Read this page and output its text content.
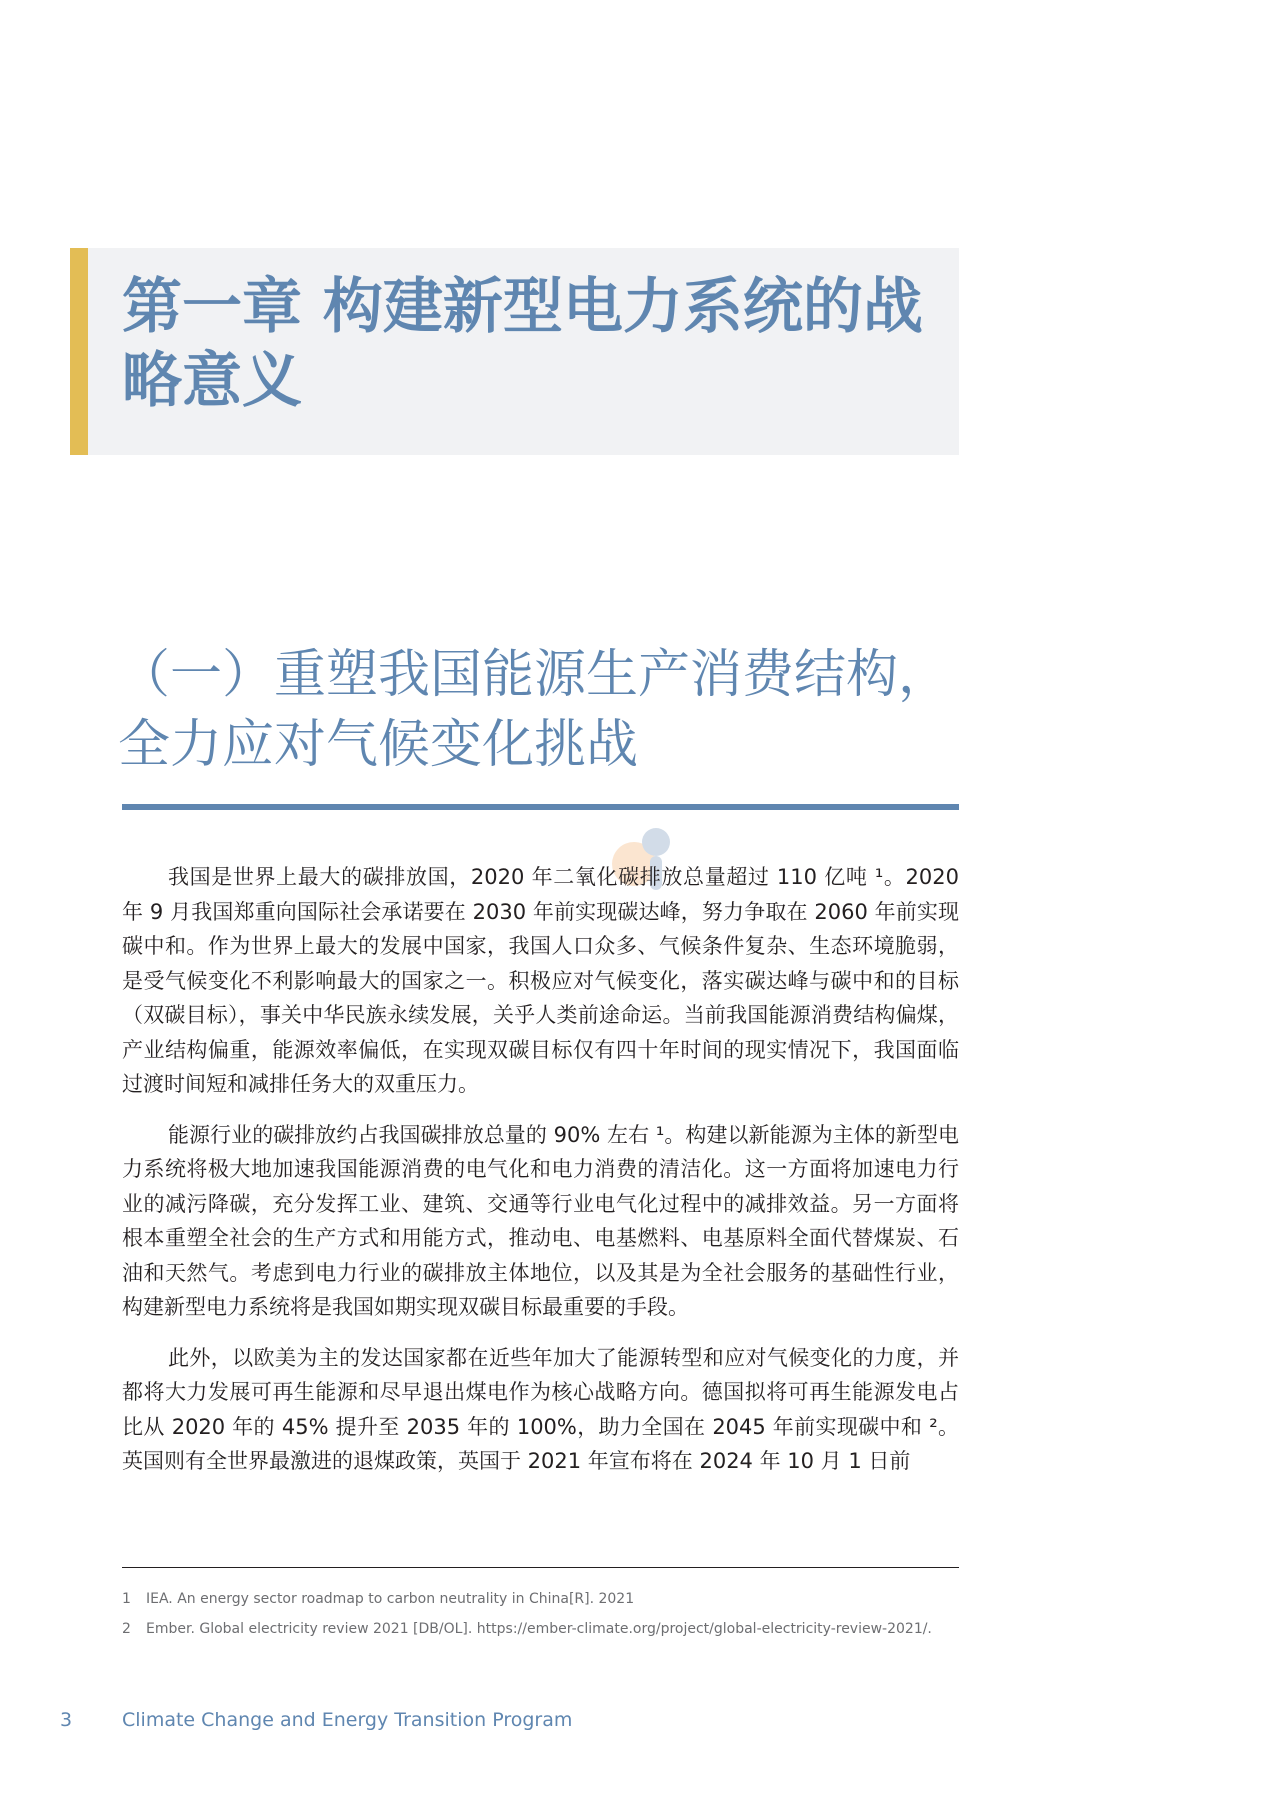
第一章 构建新型电力系统的战略意义
（一）重塑我国能源生产消费结构，全力应对气候变化挑战

我国是世界上最大的碳排放国，2020 年二氧化碳排放总量超过 110 亿吨 ¹。2020 年 9 月我国郑重向国际社会承诺要在 2030 年前实现碳达峰，努力争取在 2060 年前实现碳中和。作为世界上最大的发展中国家，我国人口众多、气候条件复杂、生态环境脆弱，是受气候变化不利影响最大的国家之一。积极应对气候变化，落实碳达峰与碳中和的目标（双碳目标），事关中华民族永续发展，关乎人类前途命运。当前我国能源消费结构偏煤，产业结构偏重，能源效率偏低，在实现双碳目标仅有四十年时间的现实情况下，我国面临过渡时间短和减排任务大的双重压力。

能源行业的碳排放约占我国碳排放总量的 90% 左右 ¹。构建以新能源为主体的新型电力系统将极大地加速我国能源消费的电气化和电力消费的清洁化。这一方面将加速电力行业的减污降碳，充分发挥工业、建筑、交通等行业电气化过程中的减排效益。另一方面将根本重塑全社会的生产方式和用能方式，推动电、电基燃料、电基原料全面代替煤炭、石油和天然气。考虑到电力行业的碳排放主体地位，以及其是为全社会服务的基础性行业，构建新型电力系统将是我国如期实现双碳目标最重要的手段。

此外，以欧美为主的发达国家都在近些年加大了能源转型和应对气候变化的力度，并都将大力发展可再生能源和尽早退出煤电作为核心战略方向。德国拟将可再生能源发电占比从 2020 年的 45% 提升至 2035 年的 100%，助力全国在 2045 年前实现碳中和 ²。英国则有全世界最激进的退煤政策，英国于 2021 年宣布将在 2024 年 10 月 1 日前

1	IEA. An energy sector roadmap to carbon neutrality in China[R]. 2021
2	Ember. Global electricity review 2021 [DB/OL]. https://ember-climate.org/project/global-electricity-review-2021/.
3	Climate Change and Energy Transition Program
